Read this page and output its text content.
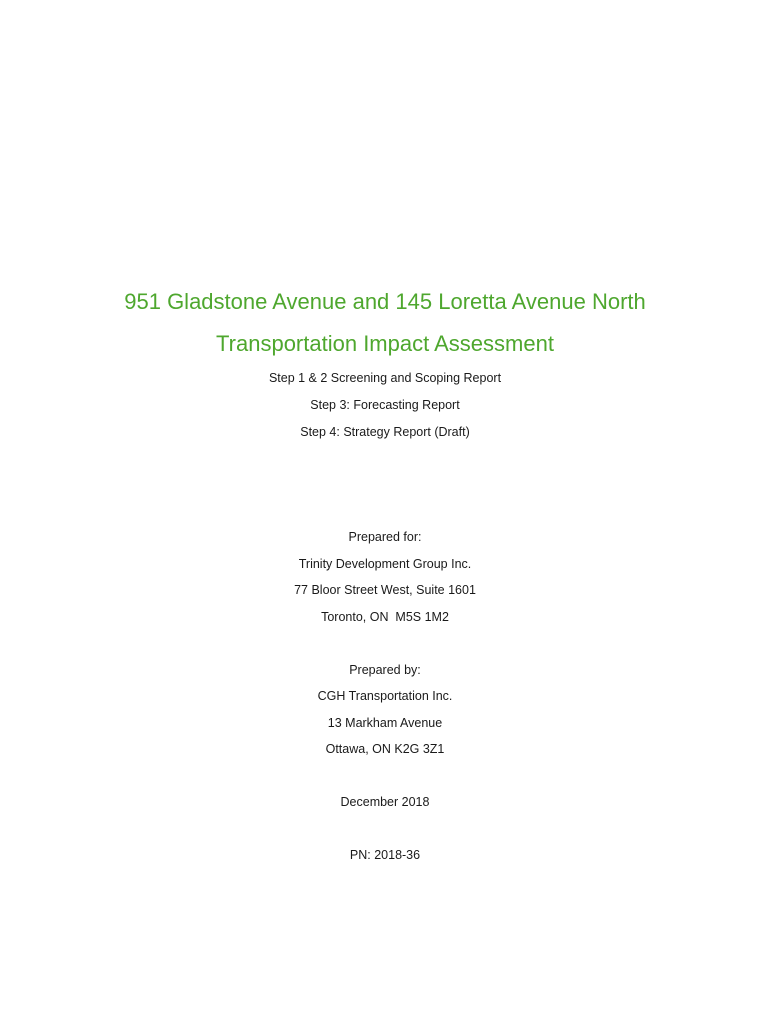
951 Gladstone Avenue and 145 Loretta Avenue North
Transportation Impact Assessment
Step 1 & 2 Screening and Scoping Report
Step 3: Forecasting Report
Step 4: Strategy Report (Draft)
Prepared for:
Trinity Development Group Inc.
77 Bloor Street West, Suite 1601
Toronto, ON  M5S 1M2
Prepared by:
CGH Transportation Inc.
13 Markham Avenue
Ottawa, ON K2G 3Z1
December 2018
PN: 2018-36
